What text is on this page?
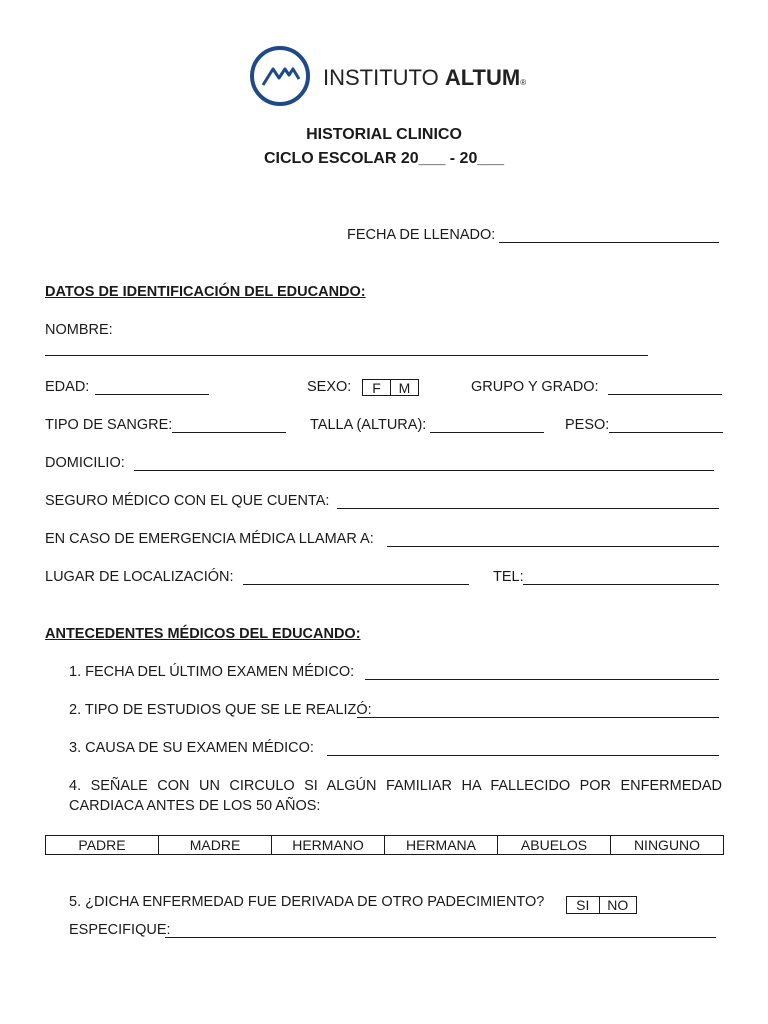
INSTITUTO ALTUM®
HISTORIAL CLINICO
CICLO ESCOLAR 20___ - 20___
FECHA DE LLENADO:
DATOS DE IDENTIFICACIÓN DEL EDUCANDO:
NOMBRE:
EDAD:	SEXO:	F	M	GRUPO Y GRADO:
TIPO DE SANGRE:	TALLA (ALTURA):	PESO:
DOMICILIO:
SEGURO MÉDICO CON EL QUE CUENTA:
EN CASO DE EMERGENCIA MÉDICA LLAMAR A:
LUGAR DE LOCALIZACIÓN:	TEL:
ANTECEDENTES MÉDICOS DEL EDUCANDO:
1. FECHA DEL ÚLTIMO EXAMEN MÉDICO:
2. TIPO DE ESTUDIOS QUE SE LE REALIZÓ:
3. CAUSA DE SU EXAMEN MÉDICO:
4. SEÑALE CON UN CIRCULO SI ALGÚN FAMILIAR HA FALLECIDO POR ENFERMEDAD
CARDIACA ANTES DE LOS 50 AÑOS:
PADRE	MADRE	HERMANO	HERMANA	ABUELOS	NINGUNO
5. ¿DICHA ENFERMEDAD FUE DERIVADA DE OTRO PADECIMIENTO?	SI	NO
ESPECIFIQUE:
